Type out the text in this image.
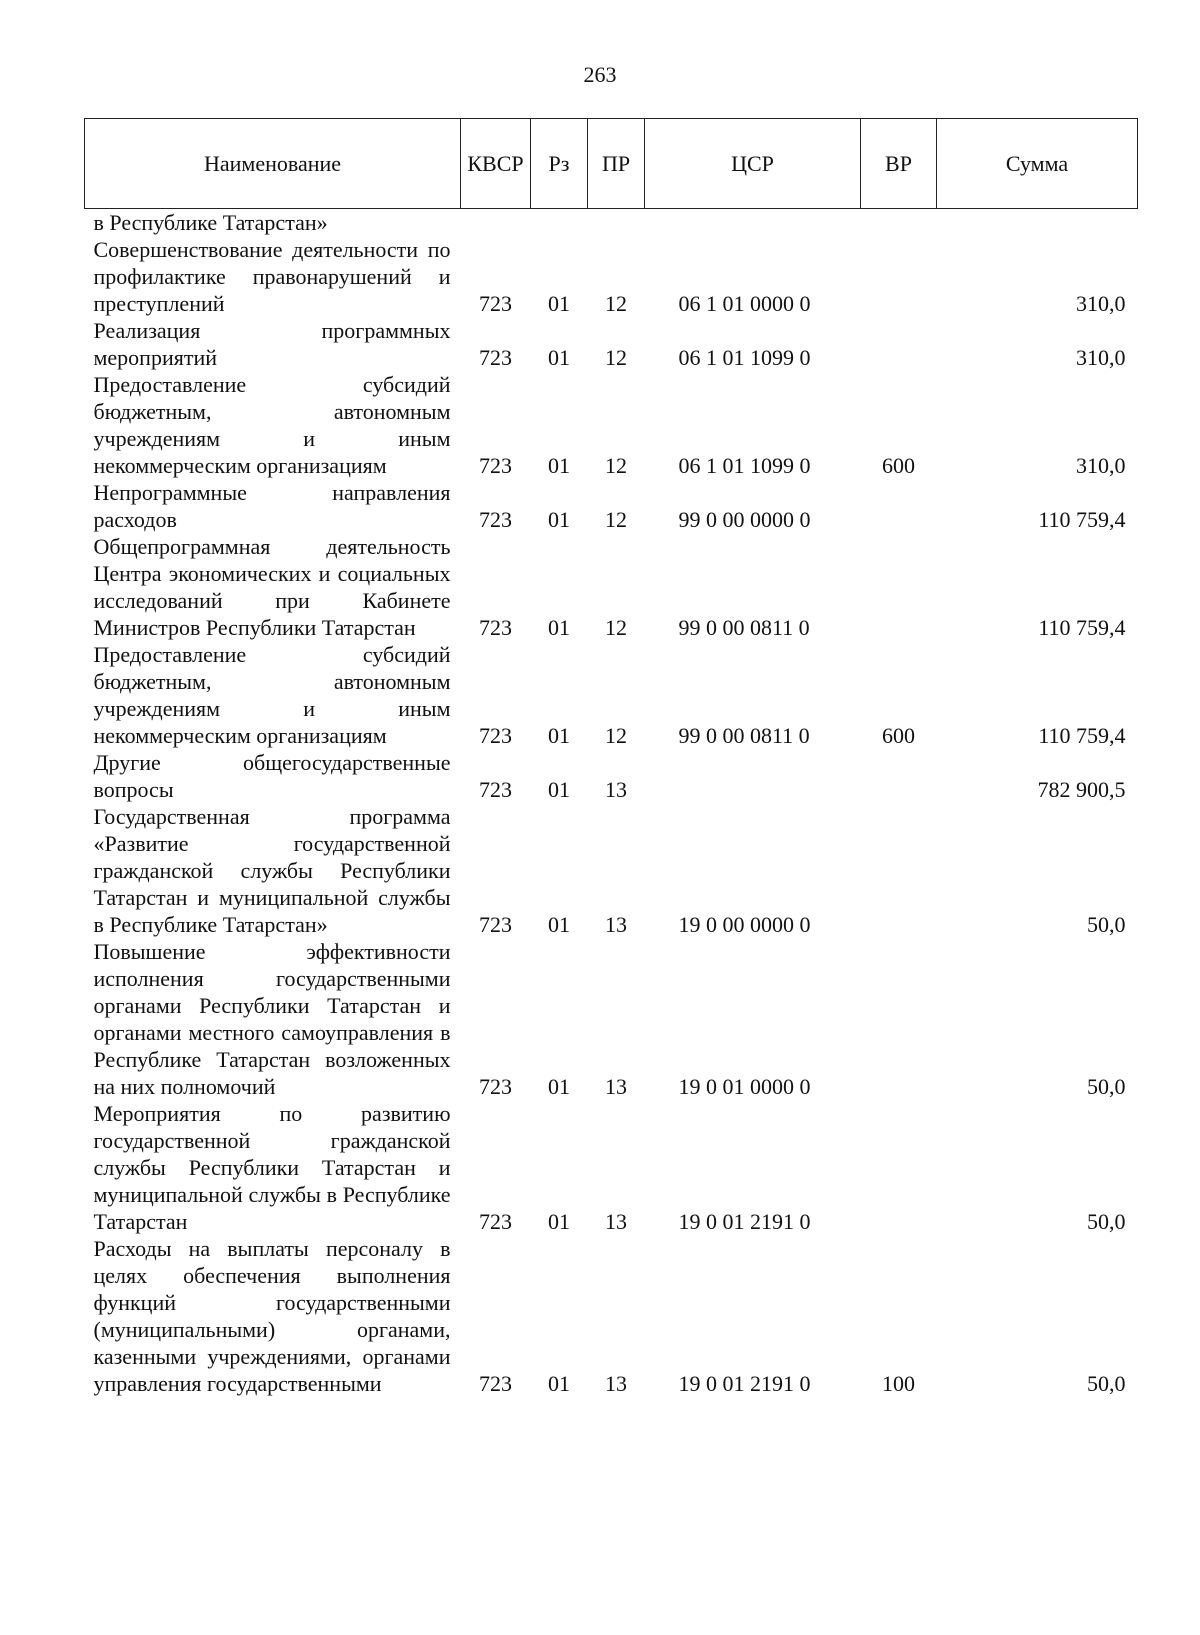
263
Наименование	КВСР	Рз	ПР	ЦСР	ВР	Сумма
в Республике Татарстан»						
Совершенствование деятельности по профилактике правонарушений и преступлений	723	01	12	06 1 01 0000 0		310,0
Реализация программных мероприятий	723	01	12	06 1 01 1099 0		310,0
Предоставление субсидий бюджетным, автономным учреждениям и иным некоммерческим организациям	723	01	12	06 1 01 1099 0	600	310,0
Непрограммные направления расходов	723	01	12	99 0 00 0000 0		110 759,4
Общепрограммная деятельность Центра экономических и социальных исследований при Кабинете Министров Республики Татарстан	723	01	12	99 0 00 0811 0		110 759,4
Предоставление субсидий бюджетным, автономным учреждениям и иным некоммерческим организациям	723	01	12	99 0 00 0811 0	600	110 759,4
Другие общегосударственные вопросы	723	01	13			782 900,5
Государственная программа «Развитие государственной гражданской службы Республики Татарстан и муниципальной службы в Республике Татарстан»	723	01	13	19 0 00 0000 0		50,0
Повышение эффективности исполнения государственными органами Республики Татарстан и органами местного самоуправления в Республике Татарстан возложенных на них полномочий	723	01	13	19 0 01 0000 0		50,0
Мероприятия по развитию государственной гражданской службы Республики Татарстан и муниципальной службы в Республике Татарстан	723	01	13	19 0 01 2191 0		50,0
Расходы на выплаты персоналу в целях обеспечения выполнения функций государственными (муниципальными) органами, казенными учреждениями, органами управления государственными	723	01	13	19 0 01 2191 0	100	50,0
